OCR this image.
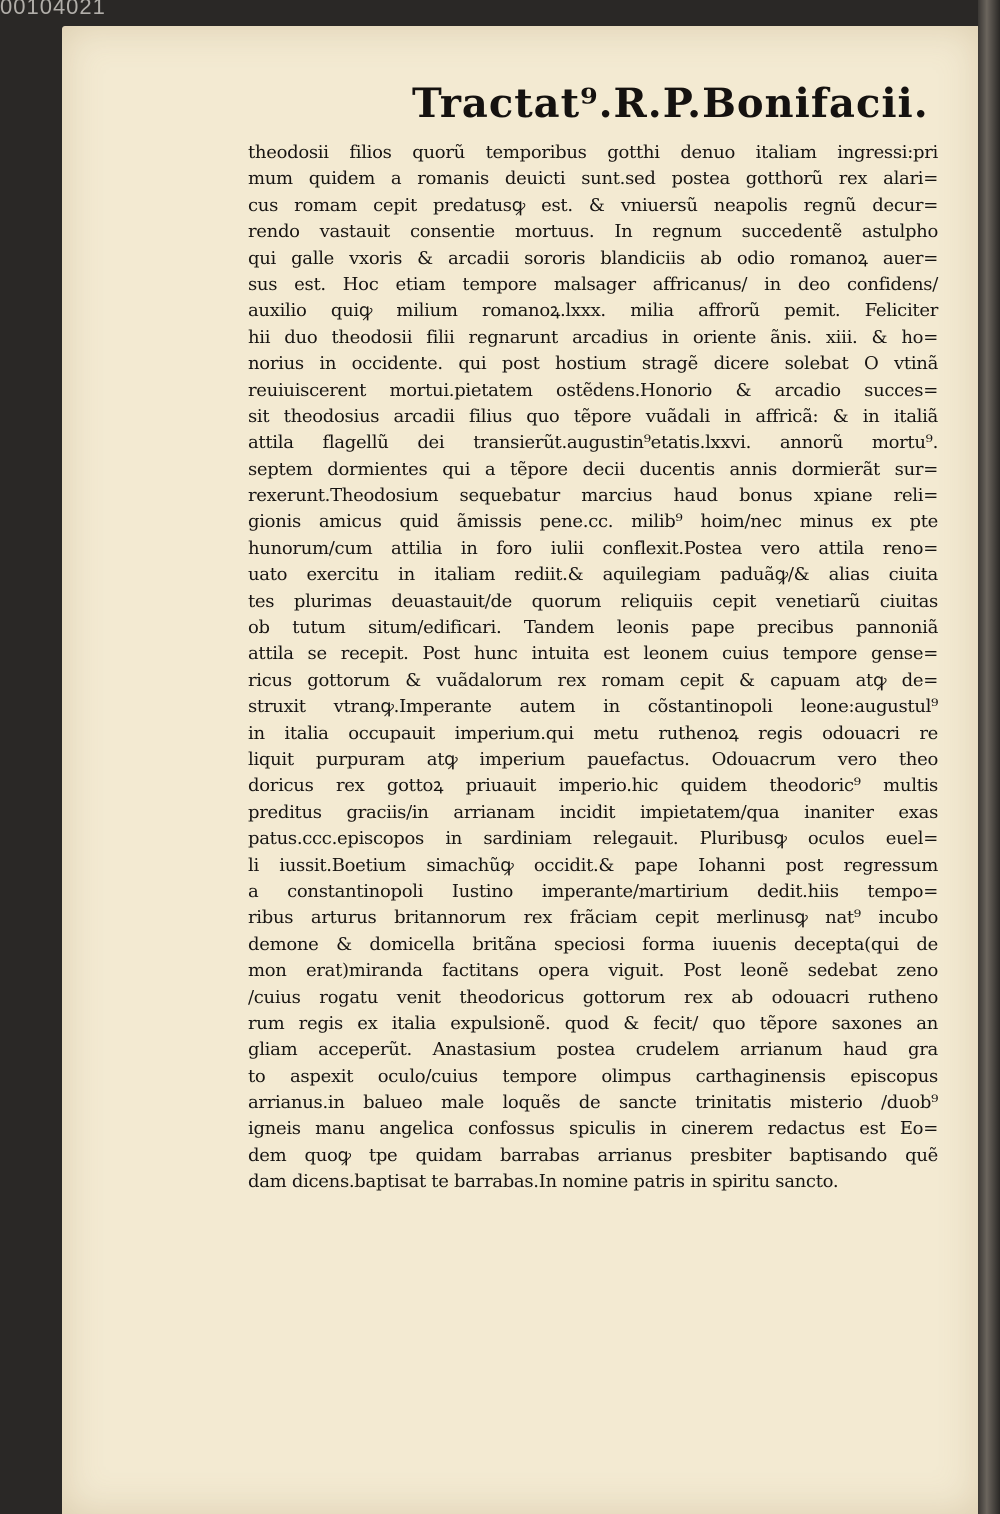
00104021
Tractat⁹.R.P.Bonifacii.
theodosii filios quorũ temporibus gotthi denuo italiam ingressi:pri
mum quidem a romanis deuicti sunt.sed postea gotthorũ rex alari=
cus romam cepit predatusꝙ est. & vniuersũ neapolis regnũ decur=
rendo vastauit consentie mortuus. In regnum succedentẽ astulpho
qui galle vxoris & arcadii sororis blandiciis ab odio romanoꝝ auer=
sus est. Hoc etiam tempore malsager affricanus/ in deo confidens/
auxilio quiꝙ milium romanoꝝ.lxxx. milia affrorũ pemit. Feliciter
hii duo theodosii filii regnarunt arcadius in oriente ãnis. xiii. & ho=
norius in occidente. qui post hostium stragẽ dicere solebat O vtinã
reuiuiscerent mortui.pietatem ostẽdens.Honorio & arcadio succes=
sit theodosius arcadii filius quo tẽpore vuãdali in affricã: & in italiã
attila flagellũ dei transierũt.augustin⁹etatis.lxxvi. annorũ mortu⁹.
septem dormientes qui a tẽpore decii ducentis annis dormierãt sur=
rexerunt.Theodosium sequebatur marcius haud bonus xpiane reli=
gionis amicus quid ãmissis pene.cc. milib⁹ hoim/nec minus ex pte
hunorum/cum attilia in foro iulii conflexit.Postea vero attila reno=
uato exercitu in italiam rediit.& aquilegiam paduãꝙ/& alias ciuita
tes plurimas deuastauit/de quorum reliquiis cepit venetiarũ ciuitas
ob tutum situm/edificari. Tandem leonis pape precibus pannoniã
attila se recepit. Post hunc intuita est leonem cuius tempore gense=
ricus gottorum & vuãdalorum rex romam cepit & capuam atꝙ de=
struxit vtranꝙ.Imperante autem in cõstantinopoli leone:augustul⁹
in italia occupauit imperium.qui metu ruthenoꝝ regis odouacri re
liquit purpuram atꝙ imperium pauefactus. Odouacrum vero theo
doricus rex gottoꝝ priuauit imperio.hic quidem theodoric⁹ multis
preditus graciis/in arrianam incidit impietatem/qua inaniter exas
patus.ccc.episcopos in sardiniam relegauit. Pluribusꝙ oculos euel=
li iussit.Boetium simachũꝙ occidit.& pape Iohanni post regressum
a constantinopoli Iustino imperante/martirium dedit.hiis tempo=
ribus arturus britannorum rex frãciam cepit merlinusꝙ nat⁹ incubo
demone & domicella britãna speciosi forma iuuenis decepta(qui de
mon erat)miranda factitans opera viguit. Post leonẽ sedebat zeno
/cuius rogatu venit theodoricus gottorum rex ab odouacri rutheno
rum regis ex italia expulsionẽ. quod & fecit/ quo tẽpore saxones an
gliam acceperũt. Anastasium postea crudelem arrianum haud gra
to aspexit oculo/cuius tempore olimpus carthaginensis episcopus
arrianus.in balueo male loquẽs de sancte trinitatis misterio /duob⁹
igneis manu angelica confossus spiculis in cinerem redactus est Eo=
dem quoꝙ tpe quidam barrabas arrianus presbiter baptisando quẽ
dam dicens.baptisat te barrabas.In nomine patris in spiritu sancto.
